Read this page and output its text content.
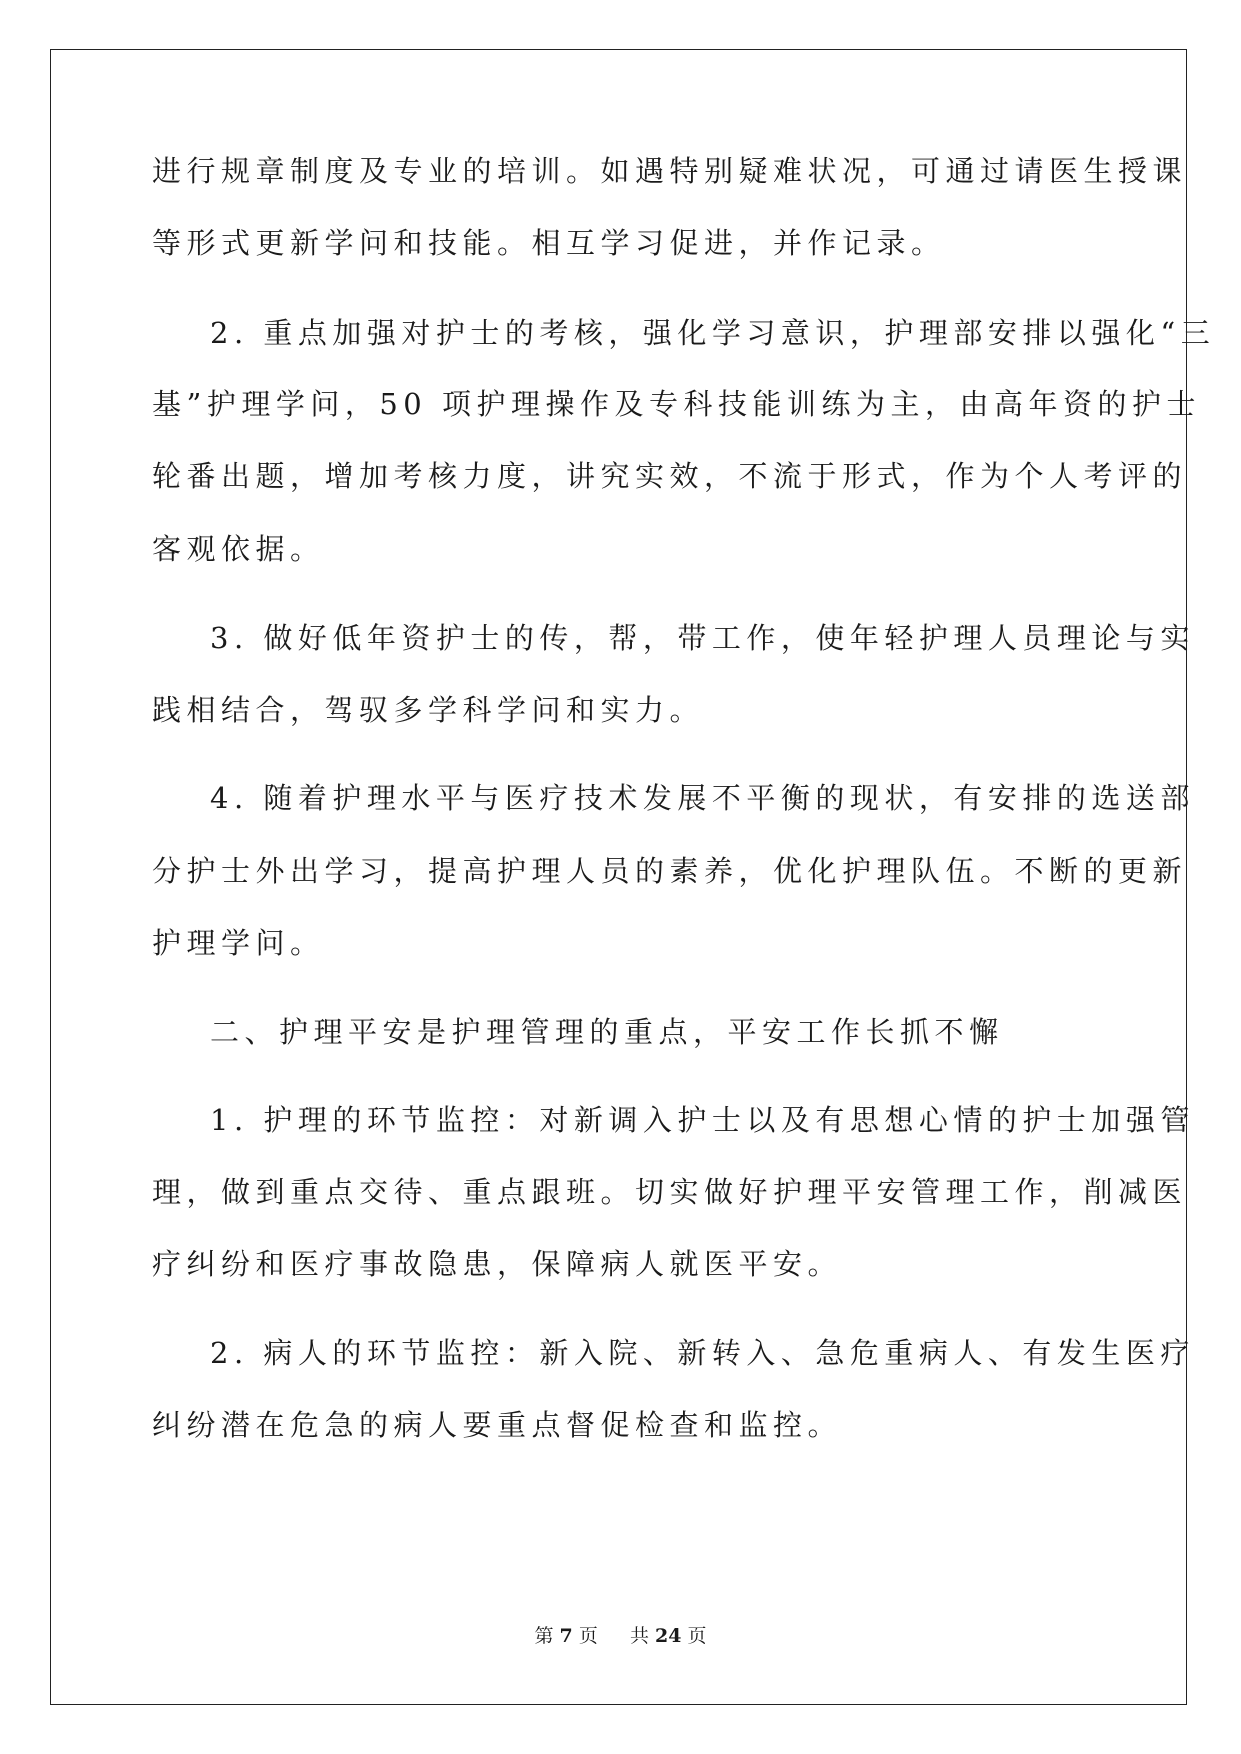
进行规章制度及专业的培训。如遇特别疑难状况，可通过请医生授课
等形式更新学问和技能。相互学习促进，并作记录。
2. 重点加强对护士的考核，强化学习意识，护理部安排以强化“三
基”护理学问，50 项护理操作及专科技能训练为主，由高年资的护士
轮番出题，增加考核力度，讲究实效，不流于形式，作为个人考评的
客观依据。
3. 做好低年资护士的传，帮，带工作，使年轻护理人员理论与实
践相结合，驾驭多学科学问和实力。
4. 随着护理水平与医疗技术发展不平衡的现状，有安排的选送部
分护士外出学习，提高护理人员的素养，优化护理队伍。不断的更新
护理学问。
二、护理平安是护理管理的重点，平安工作长抓不懈
1. 护理的环节监控：对新调入护士以及有思想心情的护士加强管
理，做到重点交待、重点跟班。切实做好护理平安管理工作，削减医
疗纠纷和医疗事故隐患，保障病人就医平安。
2. 病人的环节监控：新入院、新转入、急危重病人、有发生医疗
纠纷潜在危急的病人要重点督促检查和监控。
第 7 页 共 24 页
